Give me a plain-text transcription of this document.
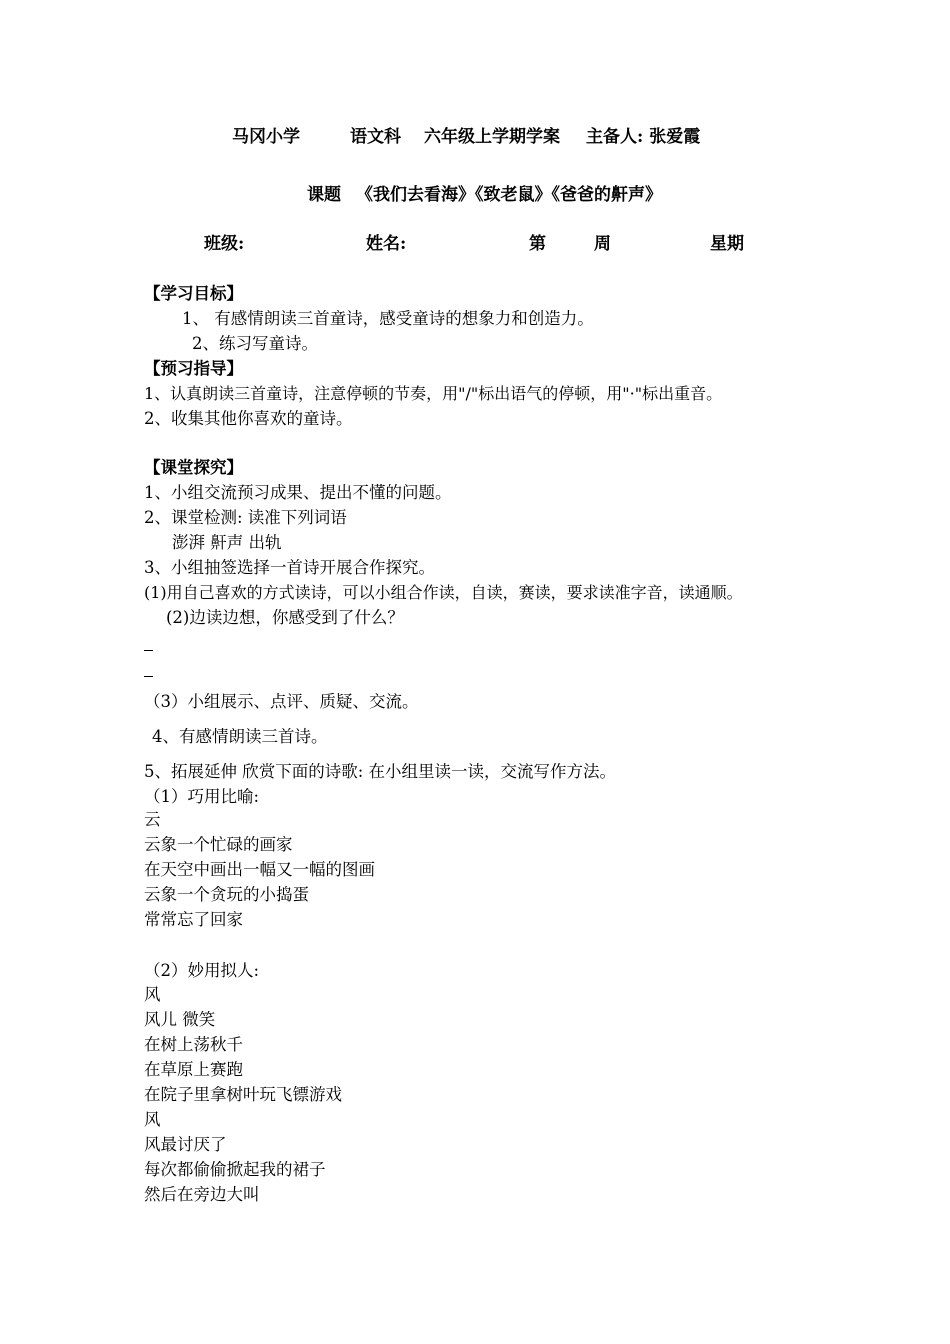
马冈小学	语文科 六年级上学期学案 主备人: 张爱霞
课题 《我们去看海》《致老鼠》《爸爸的鼾声》
班级:	姓名:	第	周	星期
【学习目标】
1、 有感情朗读三首童诗，感受童诗的想象力和创造力。
2、练习写童诗。
【预习指导】
1、认真朗读三首童诗，注意停顿的节奏，用"/"标出语气的停顿，用"·"标出重音。
2、收集其他你喜欢的童诗。
【课堂探究】
1、小组交流预习成果、提出不懂的问题。
2、课堂检测: 读准下列词语
澎湃 鼾声 出轨
3、小组抽签选择一首诗开展合作探究。
(1)用自己喜欢的方式读诗，可以小组合作读，自读，赛读，要求读准字音，读通顺。
(2)边读边想，你感受到了什么？
（3）小组展示、点评、质疑、交流。
4、有感情朗读三首诗。
5、拓展延伸 欣赏下面的诗歌: 在小组里读一读，交流写作方法。
（1）巧用比喻:
云
云象一个忙碌的画家
在天空中画出一幅又一幅的图画
云象一个贪玩的小捣蛋
常常忘了回家
（2）妙用拟人:
风
风儿 微笑
在树上荡秋千
在草原上赛跑
在院子里拿树叶玩飞镖游戏
风
风最讨厌了
每次都偷偷掀起我的裙子
然后在旁边大叫
